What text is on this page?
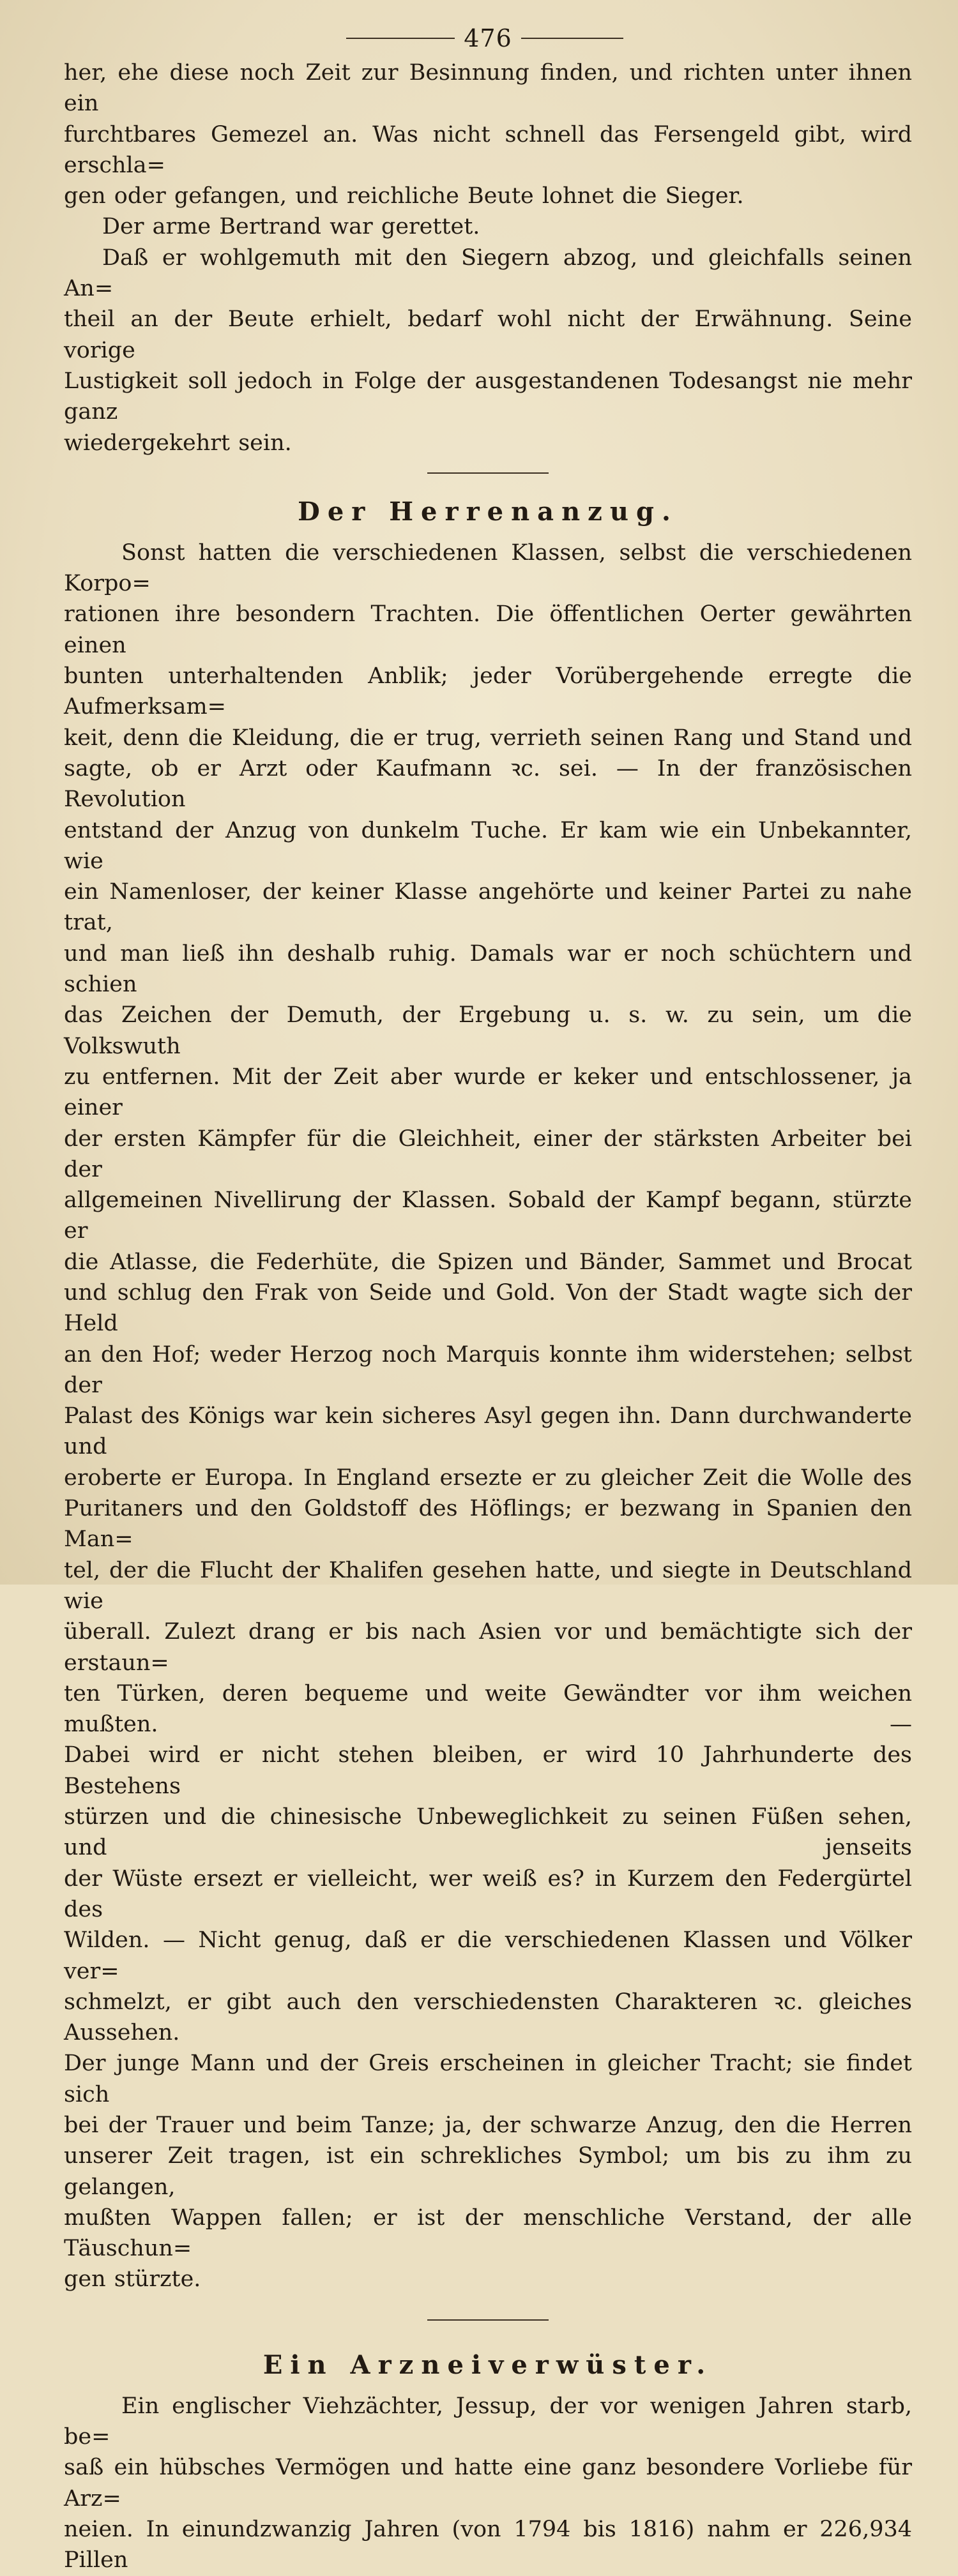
476

her, ehe diese noch Zeit zur Besinnung finden, und richten unter ihnen ein

furchtbares Gemezel an. Was nicht schnell das Fersengeld gibt, wird erschla=

gen oder gefangen, und reichliche Beute lohnet die Sieger.

Der arme Bertrand war gerettet.

Daß er wohlgemuth mit den Siegern abzog, und gleichfalls seinen An=

theil an der Beute erhielt, bedarf wohl nicht der Erwähnung. Seine vorige

Lustigkeit soll jedoch in Folge der ausgestandenen Todesangst nie mehr ganz

wiedergekehrt sein.

Der Herrenanzug.

Sonst hatten die verschiedenen Klassen, selbst die verschiedenen Korpo=

rationen ihre besondern Trachten. Die öffentlichen Oerter gewährten einen

bunten unterhaltenden Anblik; jeder Vorübergehende erregte die Aufmerksam=

keit, denn die Kleidung, die er trug, verrieth seinen Rang und Stand und

sagte, ob er Arzt oder Kaufmann ꝛc. sei. — In der französischen Revolution

entstand der Anzug von dunkelm Tuche. Er kam wie ein Unbekannter, wie

ein Namenloser, der keiner Klasse angehörte und keiner Partei zu nahe trat,

und man ließ ihn deshalb ruhig. Damals war er noch schüchtern und schien

das Zeichen der Demuth, der Ergebung u. s. w. zu sein, um die Volkswuth

zu entfernen. Mit der Zeit aber wurde er keker und entschlossener, ja einer

der ersten Kämpfer für die Gleichheit, einer der stärksten Arbeiter bei der

allgemeinen Nivellirung der Klassen. Sobald der Kampf begann, stürzte er

die Atlasse, die Federhüte, die Spizen und Bänder, Sammet und Brocat

und schlug den Frak von Seide und Gold. Von der Stadt wagte sich der Held

an den Hof; weder Herzog noch Marquis konnte ihm widerstehen; selbst der

Palast des Königs war kein sicheres Asyl gegen ihn. Dann durchwanderte und

eroberte er Europa. In England ersezte er zu gleicher Zeit die Wolle des

Puritaners und den Goldstoff des Höflings; er bezwang in Spanien den Man=

tel, der die Flucht der Khalifen gesehen hatte, und siegte in Deutschland wie

überall. Zulezt drang er bis nach Asien vor und bemächtigte sich der erstaun=

ten Türken, deren bequeme und weite Gewändter vor ihm weichen mußten. —

Dabei wird er nicht stehen bleiben, er wird 10 Jahrhunderte des Bestehens

stürzen und die chinesische Unbeweglichkeit zu seinen Füßen sehen, und jenseits

der Wüste ersezt er vielleicht, wer weiß es? in Kurzem den Federgürtel des

Wilden. — Nicht genug, daß er die verschiedenen Klassen und Völker ver=

schmelzt, er gibt auch den verschiedensten Charakteren ꝛc. gleiches Aussehen.

Der junge Mann und der Greis erscheinen in gleicher Tracht; sie findet sich

bei der Trauer und beim Tanze; ja, der schwarze Anzug, den die Herren

unserer Zeit tragen, ist ein schrekliches Symbol; um bis zu ihm zu gelangen,

mußten Wappen fallen; er ist der menschliche Verstand, der alle Täuschun=

gen stürzte.

Ein Arzneiverwüster.

Ein englischer Viehzächter, Jessup, der vor wenigen Jahren starb, be=

saß ein hübsches Vermögen und hatte eine ganz besondere Vorliebe für Arz=

neien. In einundzwanzig Jahren (von 1794 bis 1816) nahm er 226,934 Pillen
